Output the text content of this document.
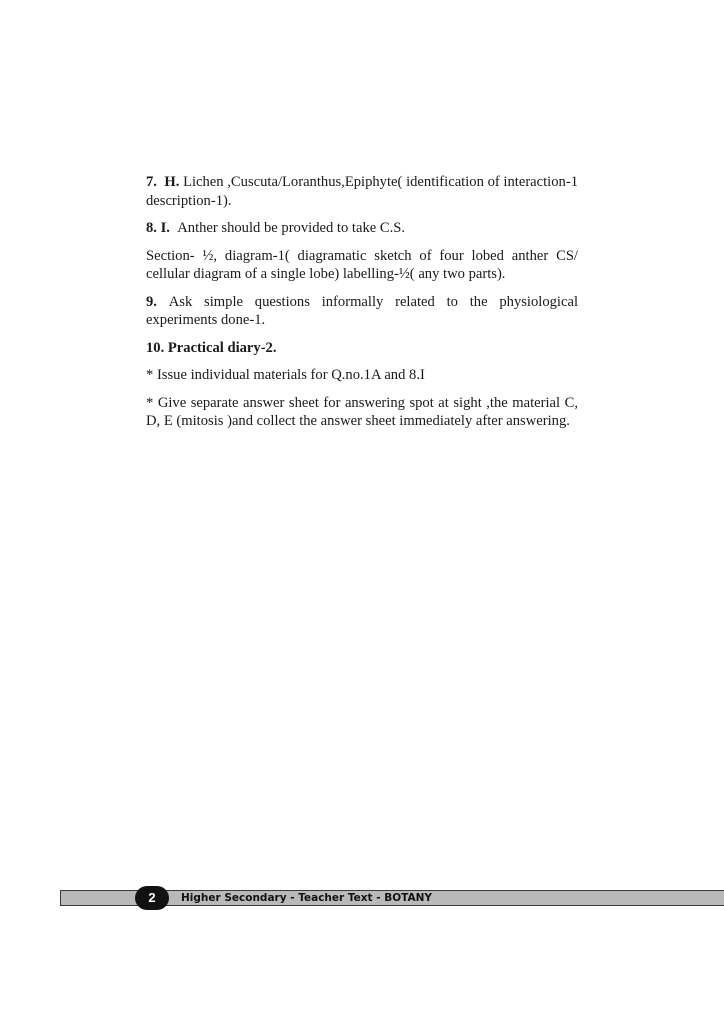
7. H. Lichen ,Cuscuta/Loranthus,Epiphyte( identification of interaction-1 description-1).

8. I. Anther should be provided to take C.S.

Section- ½, diagram-1( diagramatic sketch of four lobed anther CS/ cellular diagram of a single lobe) labelling-½( any two parts).

9. Ask simple questions informally related to the physiological experiments done-1.

10. Practical diary-2.

* Issue individual materials for Q.no.1A and 8.I

* Give separate answer sheet for answering spot at sight ,the material C, D, E (mitosis )and collect the answer sheet immediately after answering.

2	Higher Secondary - Teacher Text - BOTANY
